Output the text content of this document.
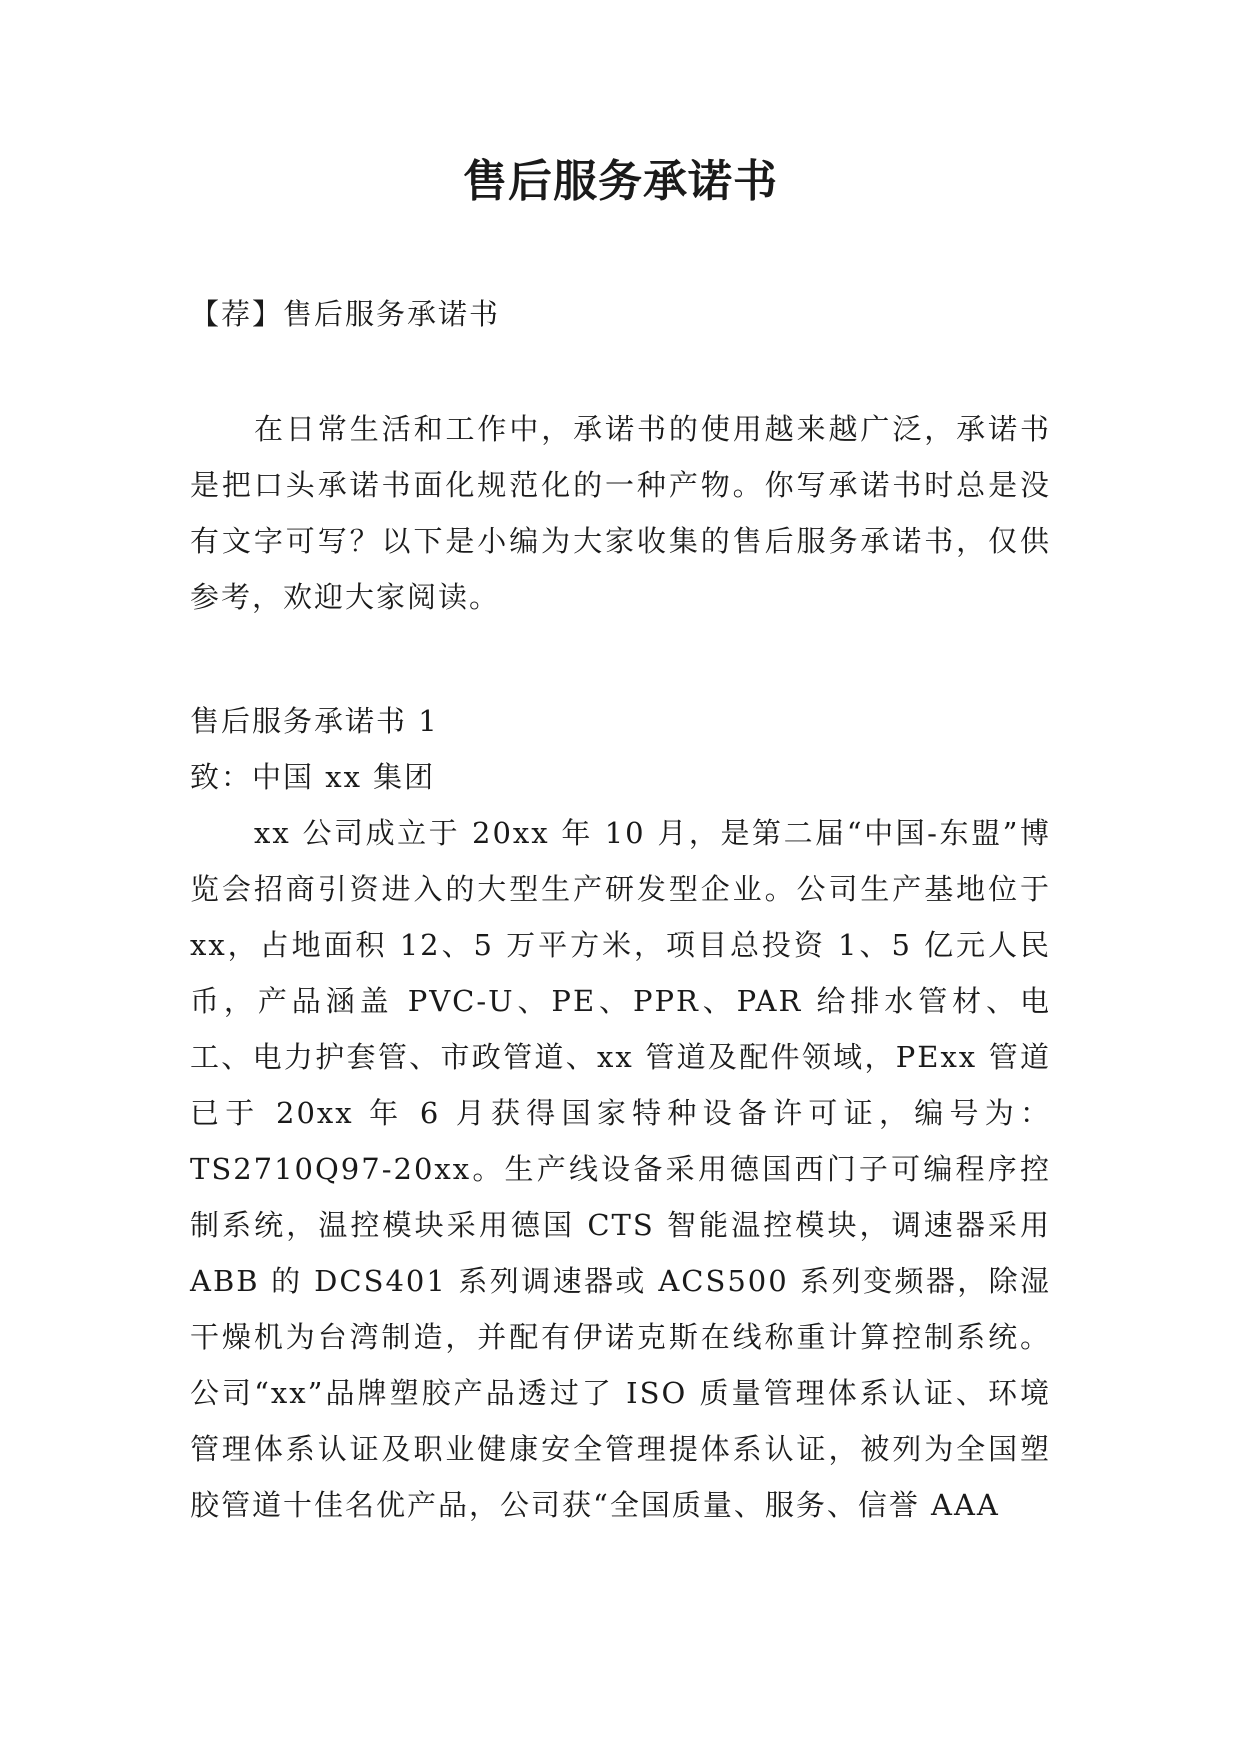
售后服务承诺书

【荐】售后服务承诺书

在日常生活和工作中，承诺书的使用越来越广泛，承诺书是把口头承诺书面化规范化的一种产物。你写承诺书时总是没有文字可写？以下是小编为大家收集的售后服务承诺书，仅供参考，欢迎大家阅读。

售后服务承诺书 1

致：中国 xx 集团

xx 公司成立于 20xx 年 10 月，是第二届“中国-东盟”博览会招商引资进入的大型生产研发型企业。公司生产基地位于 xx，占地面积 12、5 万平方米，项目总投资 1、5 亿元人民币，产品涵盖 PVC-U、PE、PPR、PAR 给排水管材、电工、电力护套管、市政管道、xx 管道及配件领域，PExx 管道已于 20xx 年 6 月获得国家特种设备许可证，编号为：TS2710Q97-20xx。生产线设备采用德国西门子可编程序控制系统，温控模块采用德国 CTS 智能温控模块，调速器采用 ABB 的 DCS401 系列调速器或 ACS500 系列变频器，除湿干燥机为台湾制造，并配有伊诺克斯在线称重计算控制系统。公司“xx”品牌塑胶产品透过了 ISO 质量管理体系认证、环境管理体系认证及职业健康安全管理提体系认证，被列为全国塑胶管道十佳名优产品，公司获“全国质量、服务、信誉 AAA
